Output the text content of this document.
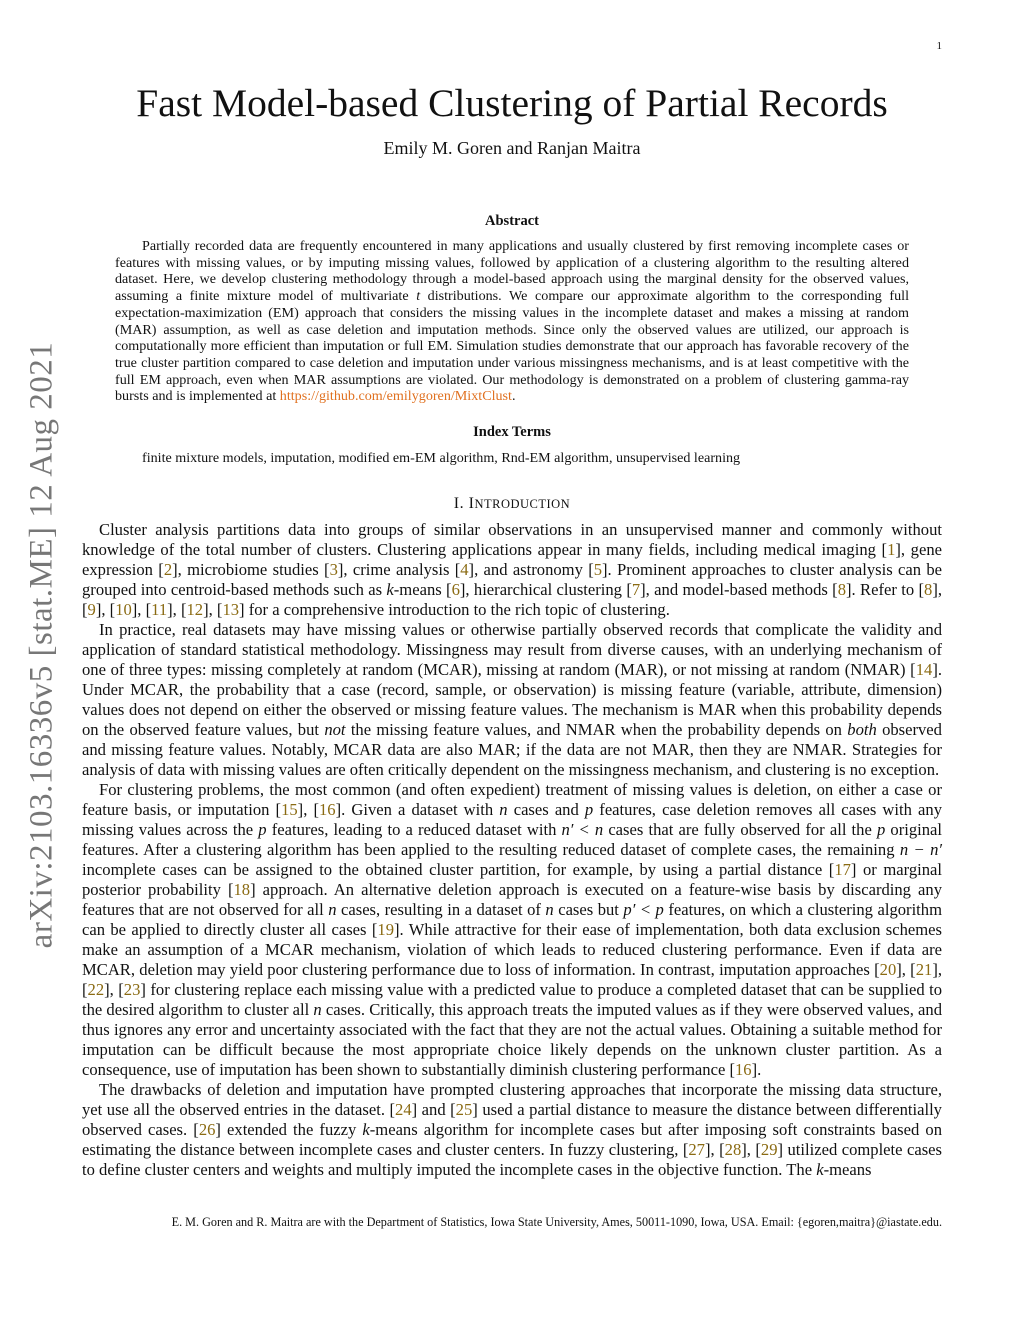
1
arXiv:2103.16336v5 [stat.ME] 12 Aug 2021
Fast Model-based Clustering of Partial Records
Emily M. Goren and Ranjan Maitra
Abstract

Partially recorded data are frequently encountered in many applications and usually clustered by first removing incomplete cases or features with missing values, or by imputing missing values, followed by application of a clustering algorithm to the resulting altered dataset. Here, we develop clustering methodology through a model-based approach using the marginal density for the observed values, assuming a finite mixture model of multivariate t distributions. We compare our approximate algorithm to the corresponding full expectation-maximization (EM) approach that considers the missing values in the incomplete dataset and makes a missing at random (MAR) assumption, as well as case deletion and imputation methods. Since only the observed values are utilized, our approach is computationally more efficient than imputation or full EM. Simulation studies demonstrate that our approach has favorable recovery of the true cluster partition compared to case deletion and imputation under various missingness mechanisms, and is at least competitive with the full EM approach, even when MAR assumptions are violated. Our methodology is demonstrated on a problem of clustering gamma-ray bursts and is implemented at https://github.com/emilygoren/MixtClust.

Index Terms
finite mixture models, imputation, modified em-EM algorithm, Rnd-EM algorithm, unsupervised learning
I. INTRODUCTION

Cluster analysis partitions data into groups of similar observations in an unsupervised manner and commonly without knowledge of the total number of clusters. Clustering applications appear in many fields, including medical imaging [1], gene expression [2], microbiome studies [3], crime analysis [4], and astronomy [5]. Prominent approaches to cluster analysis can be grouped into centroid-based methods such as k-means [6], hierarchical clustering [7], and model-based methods [8]. Refer to [8], [9], [10], [11], [12], [13] for a comprehensive introduction to the rich topic of clustering.

In practice, real datasets may have missing values or otherwise partially observed records that complicate the validity and application of standard statistical methodology. Missingness may result from diverse causes, with an underlying mechanism of one of three types: missing completely at random (MCAR), missing at random (MAR), or not missing at random (NMAR) [14]. Under MCAR, the probability that a case (record, sample, or observation) is missing feature (variable, attribute, dimension) values does not depend on either the observed or missing feature values. The mechanism is MAR when this probability depends on the observed feature values, but not the missing feature values, and NMAR when the probability depends on both observed and missing feature values. Notably, MCAR data are also MAR; if the data are not MAR, then they are NMAR. Strategies for analysis of data with missing values are often critically dependent on the missingness mechanism, and clustering is no exception.

For clustering problems, the most common (and often expedient) treatment of missing values is deletion, on either a case or feature basis, or imputation [15], [16]. Given a dataset with n cases and p features, case deletion removes all cases with any missing values across the p features, leading to a reduced dataset with n′ < n cases that are fully observed for all the p original features. After a clustering algorithm has been applied to the resulting reduced dataset of complete cases, the remaining n − n′ incomplete cases can be assigned to the obtained cluster partition, for example, by using a partial distance [17] or marginal posterior probability [18] approach. An alternative deletion approach is executed on a feature-wise basis by discarding any features that are not observed for all n cases, resulting in a dataset of n cases but p′ < p features, on which a clustering algorithm can be applied to directly cluster all cases [19]. While attractive for their ease of implementation, both data exclusion schemes make an assumption of a MCAR mechanism, violation of which leads to reduced clustering performance. Even if data are MCAR, deletion may yield poor clustering performance due to loss of information. In contrast, imputation approaches [20], [21], [22], [23] for clustering replace each missing value with a predicted value to produce a completed dataset that can be supplied to the desired algorithm to cluster all n cases. Critically, this approach treats the imputed values as if they were observed values, and thus ignores any error and uncertainty associated with the fact that they are not the actual values. Obtaining a suitable method for imputation can be difficult because the most appropriate choice likely depends on the unknown cluster partition. As a consequence, use of imputation has been shown to substantially diminish clustering performance [16].

The drawbacks of deletion and imputation have prompted clustering approaches that incorporate the missing data structure, yet use all the observed entries in the dataset. [24] and [25] used a partial distance to measure the distance between differentially observed cases. [26] extended the fuzzy k-means algorithm for incomplete cases but after imposing soft constraints based on estimating the distance between incomplete cases and cluster centers. In fuzzy clustering, [27], [28], [29] utilized complete cases to define cluster centers and weights and multiply imputed the incomplete cases in the objective function. The k-means

E. M. Goren and R. Maitra are with the Department of Statistics, Iowa State University, Ames, 50011-1090, Iowa, USA. Email: {egoren,maitra}@iastate.edu.
